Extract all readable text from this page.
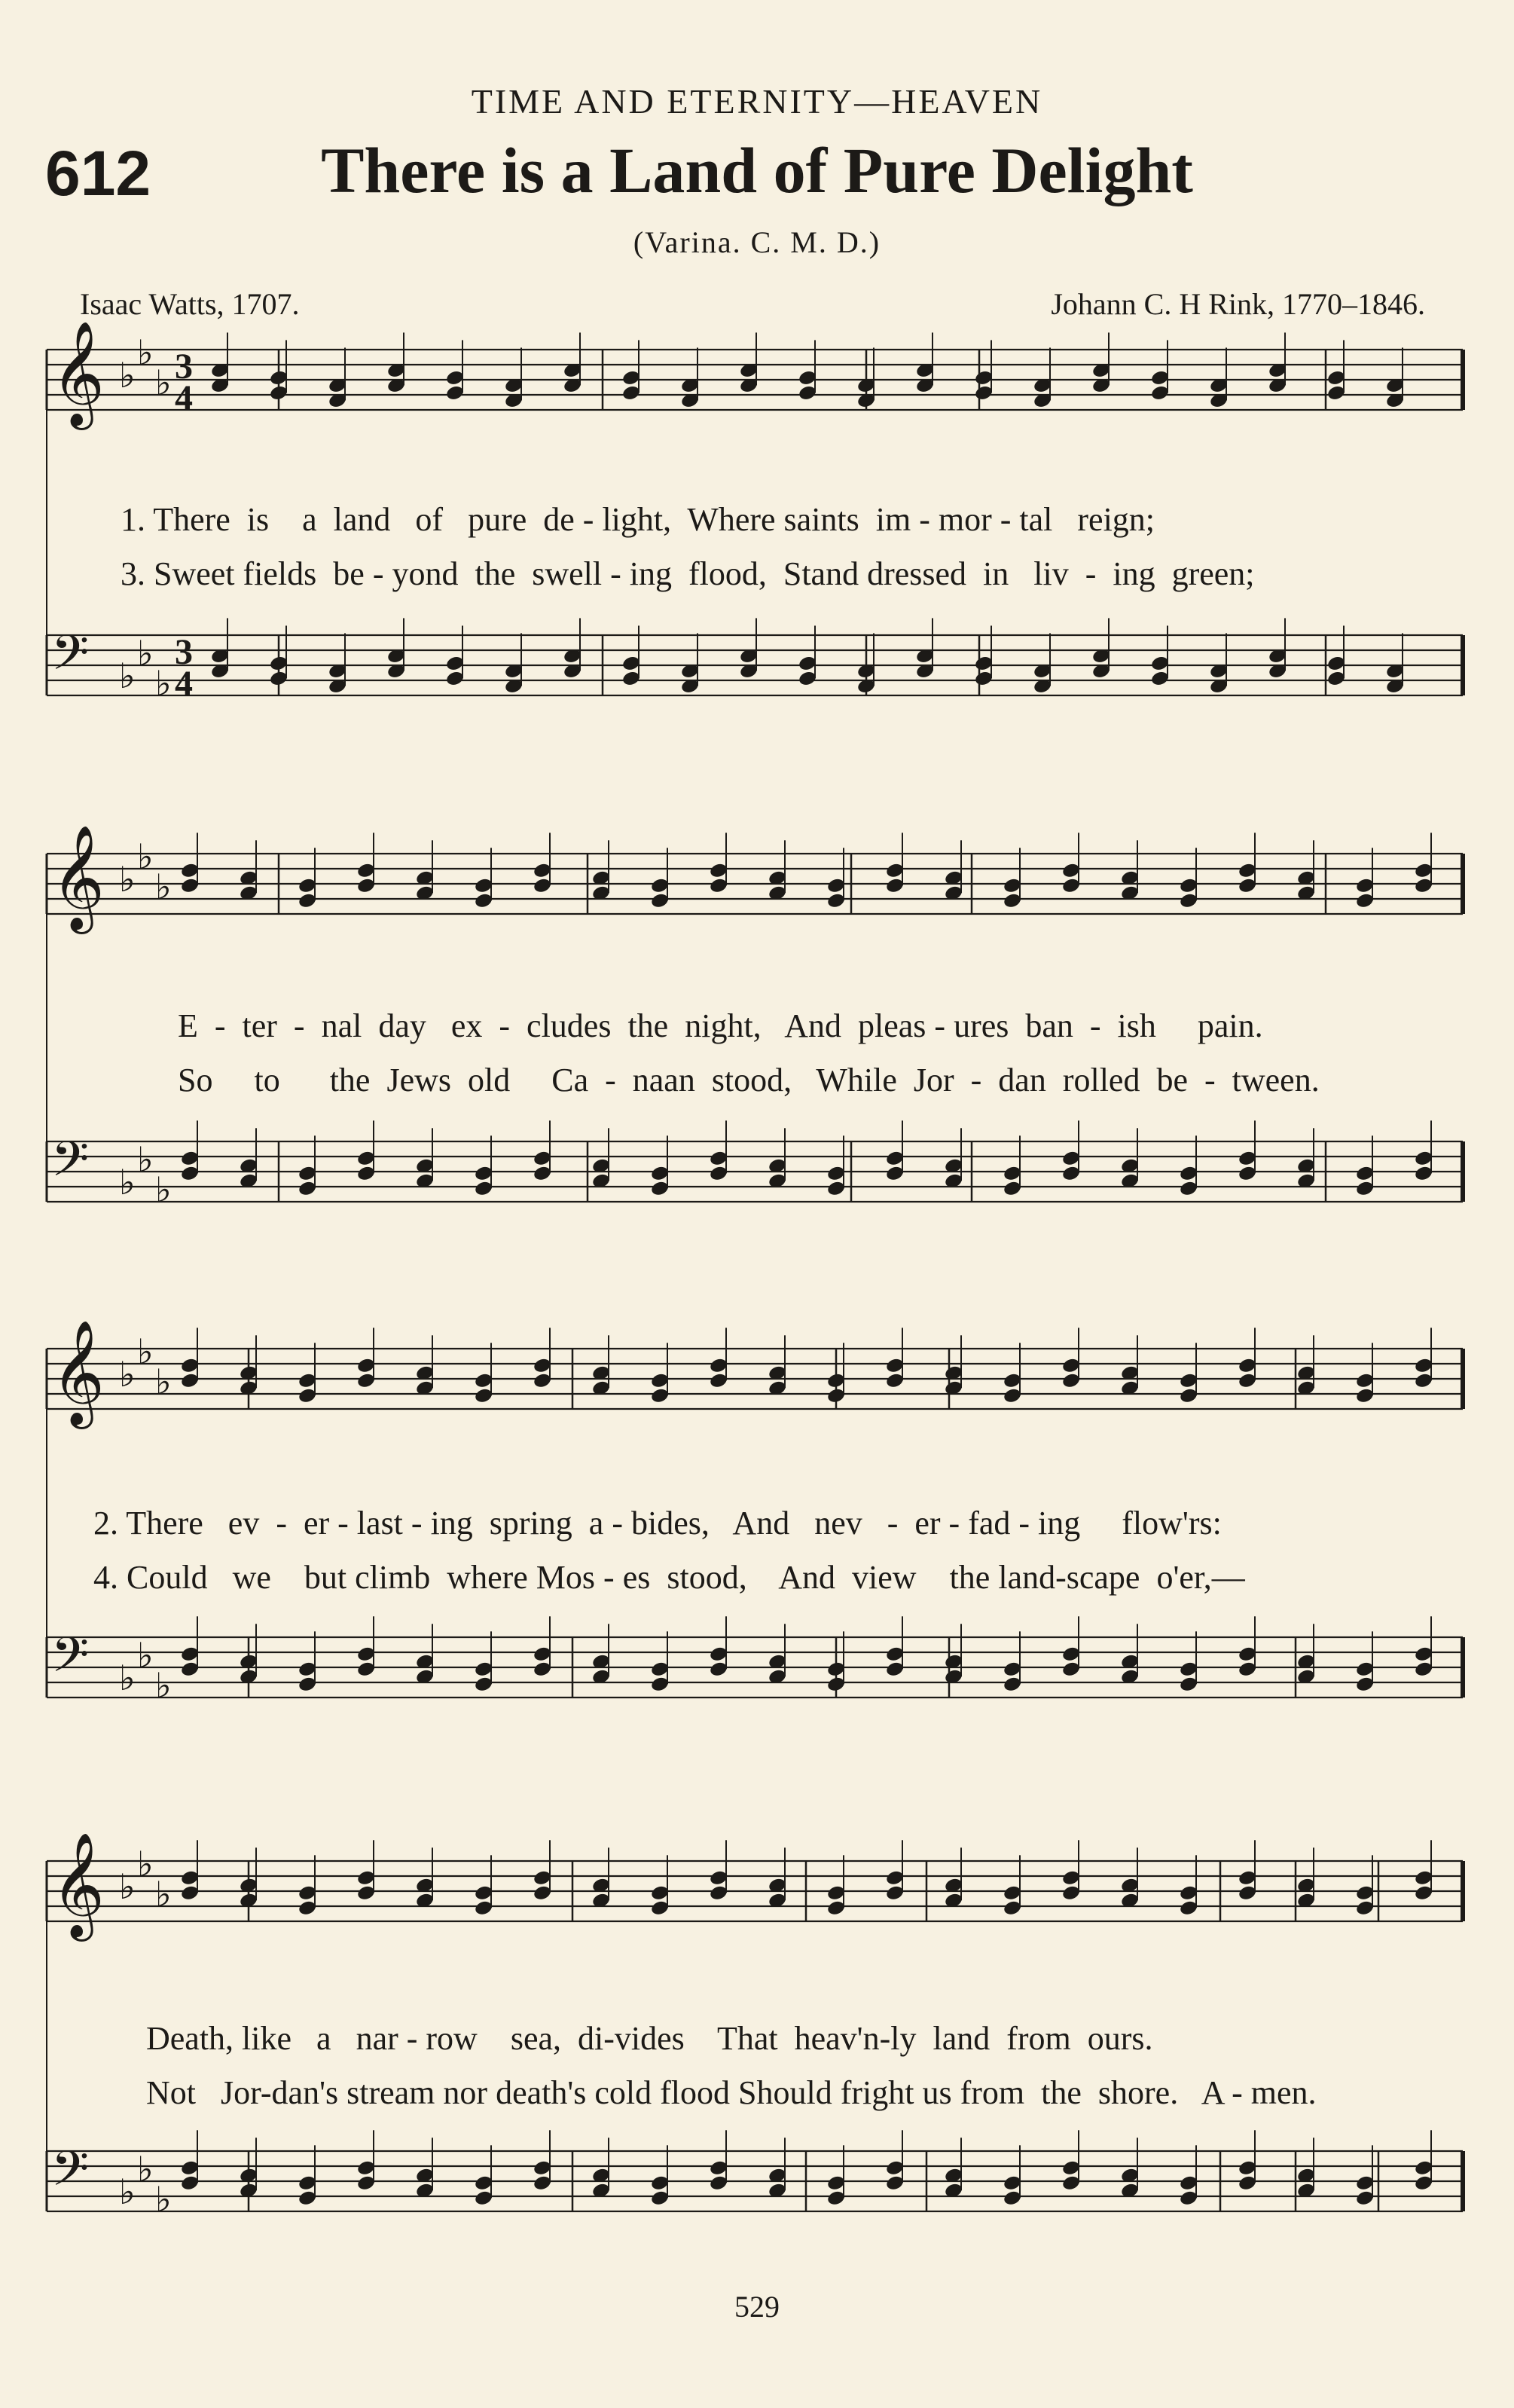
TIME AND ETERNITY—HEAVEN
612	There is a Land of Pure Delight
(Varina. C. M. D.)
Isaac Watts, 1707.	Johann C. H Rink, 1770–1846.
𝄞 ♭
♭
♭
𝄢 ♭
♭
♭
3
4
3
4
𝄞 ♭
♭
♭
𝄢 ♭
♭
♭
𝄞 ♭
♭
♭
𝄢 ♭
♭
♭
𝄞 ♭
♭
♭
𝄢 ♭
♭
♭
1. There  is    a  land   of   pure  de - light,  Where saints  im - mor - tal   reign;
3. Sweet fields  be - yond  the  swell - ing  flood,  Stand dressed  in   liv  -  ing  green;
E  -  ter  -  nal  day   ex  -  cludes  the  night,   And  pleas - ures  ban  -  ish     pain.
So     to      the  Jews  old     Ca  -  naan  stood,   While  Jor  -  dan  rolled  be  -  tween.
2. There   ev  -  er - last - ing  spring  a - bides,   And   nev   -  er - fad - ing     flow'rs:
4. Could   we    but climb  where Mos - es  stood,    And  view    the land-scape  o'er,—
Death, like   a   nar - row    sea,  di-vides    That  heav'n-ly  land  from  ours.
Not   Jor-dan's stream nor death's cold flood Should fright us from  the  shore.   A - men.
529
